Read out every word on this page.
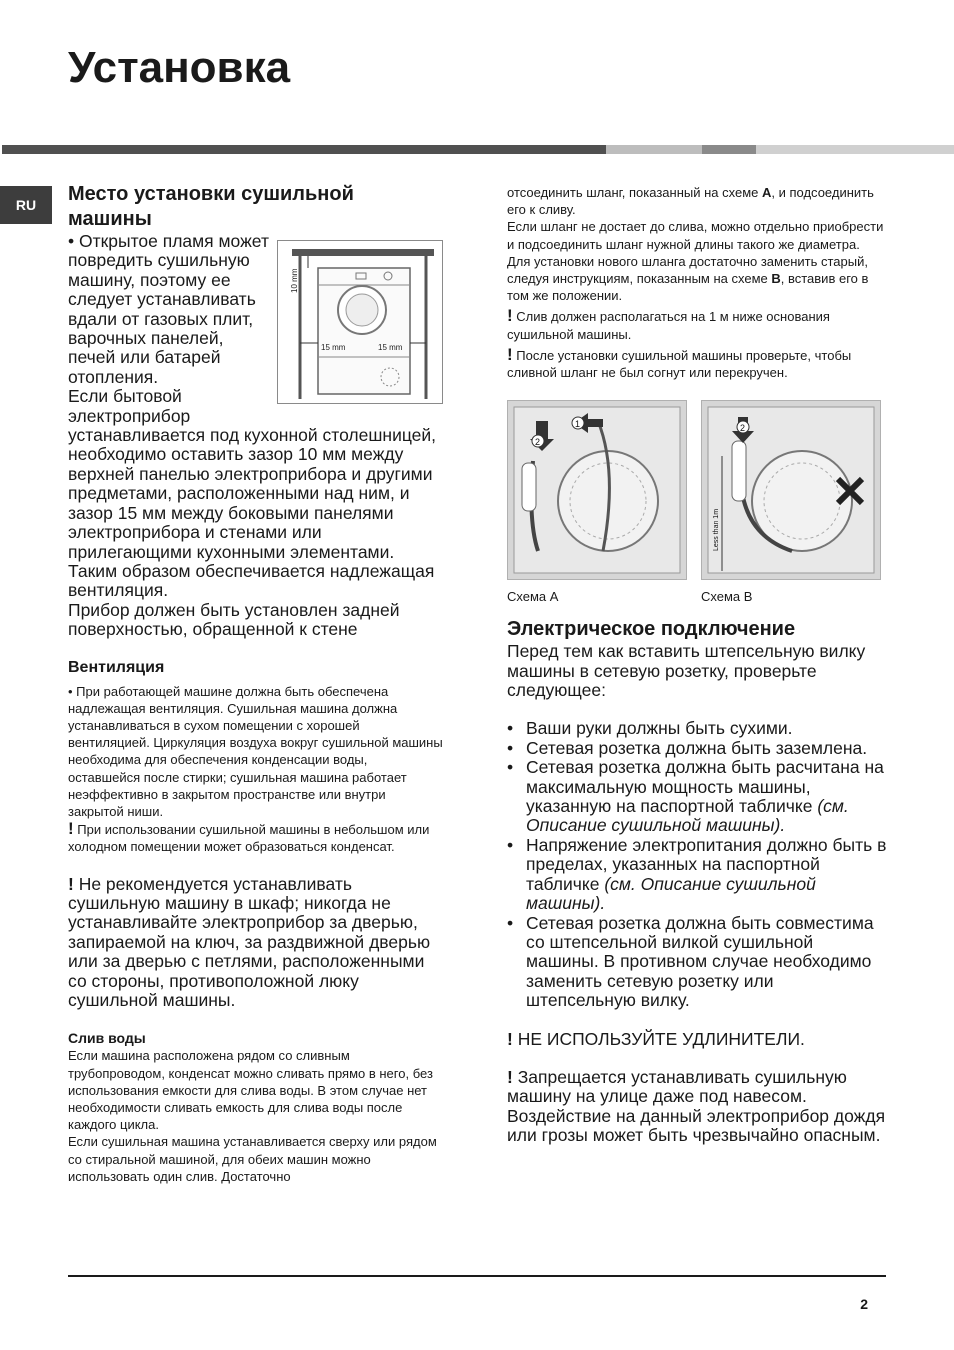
Установка
RU	Место установки сушильной машины
10 mm
15 mm	15 mm

• Открытое пламя может повредить сушильную машину, поэтому ее следует устанавливать вдали от газовых плит, варочных панелей, печей или батарей отопления.

Если бытовой электроприбор устанавливается под кухонной столешницей, необходимо оставить зазор 10 мм между верхней панелью электроприбора и другими предметами, расположенными над ним, и зазор 15 мм между боковыми панелями электроприбора и стенами или прилегающими кухонными элементами. Таким образом обеспечивается надлежащая вентиляция.

Прибор должен быть установлен задней поверхностью, обращенной к стене

Вентиляция

• При работающей машине должна быть обеспечена надлежащая вентиляция. Сушильная машина должна устанавливаться в сухом помещении с хорошей вентиляцией. Циркуляция воздуха вокруг сушильной машины необходима для обеспечения конденсации воды, оставшейся после стирки; сушильная машина работает неэффективно в закрытом пространстве или внутри закрытой ниши.

! При использовании сушильной машины в небольшом или холодном помещении может образоваться конденсат.

! Не рекомендуется устанавливать сушильную машину в шкаф; никогда не устанавливайте электроприбор за дверью, запираемой на ключ, за раздвижной дверью или за дверью с петлями, расположенными со стороны, противоположной люку сушильной машины.

Слив воды

Если машина расположена рядом со сливным трубопроводом, конденсат можно сливать прямо в него, без использования емкости для слива воды. В этом случае нет необходимости сливать емкость для слива воды после каждого цикла.

Если сушильная машина устанавливается сверху или рядом со стиральной машиной, для обеих машин можно использовать один слив. Достаточно

отсоединить шланг, показанный на схеме A, и подсоединить его к сливу.

Если шланг не достает до слива, можно отдельно приобрести и подсоединить шланг нужной длины такого же диаметра.

Для установки нового шланга достаточно заменить старый, следуя инструкциям, показанным на схеме B, вставив его в том же положении.

! Слив должен располагаться на 1 м ниже основания сушильной машины.

! После установки сушильной машины проверьте, чтобы сливной шланг не был согнут или перекручен.

2
1
Схема A
Less than 1m
2
Схема B
Электрическое подключение

Перед тем как вставить штепсельную вилку машины в сетевую розетку, проверьте следующее:

• Ваши руки должны быть сухими.
• Сетевая розетка должна быть заземлена.
• Сетевая розетка должна быть расчитана на максимальную мощность машины, указанную на паспортной табличке (см. Описание сушильной машины).
• Напряжение электропитания должно быть в пределах, указанных на паспортной табличке (см. Описание сушильной машины).
• Сетевая розетка должна быть совместима со штепсельной вилкой сушильной машины. В противном случае необходимо заменить сетевую розетку или штепсельную вилку.

! НЕ ИСПОЛЬЗУЙТЕ УДЛИНИТЕЛИ.

! Запрещается устанавливать сушильную машину на улице даже под навесом. Воздействие на данный электроприбор дождя или грозы может быть чрезвычайно опасным.

2
